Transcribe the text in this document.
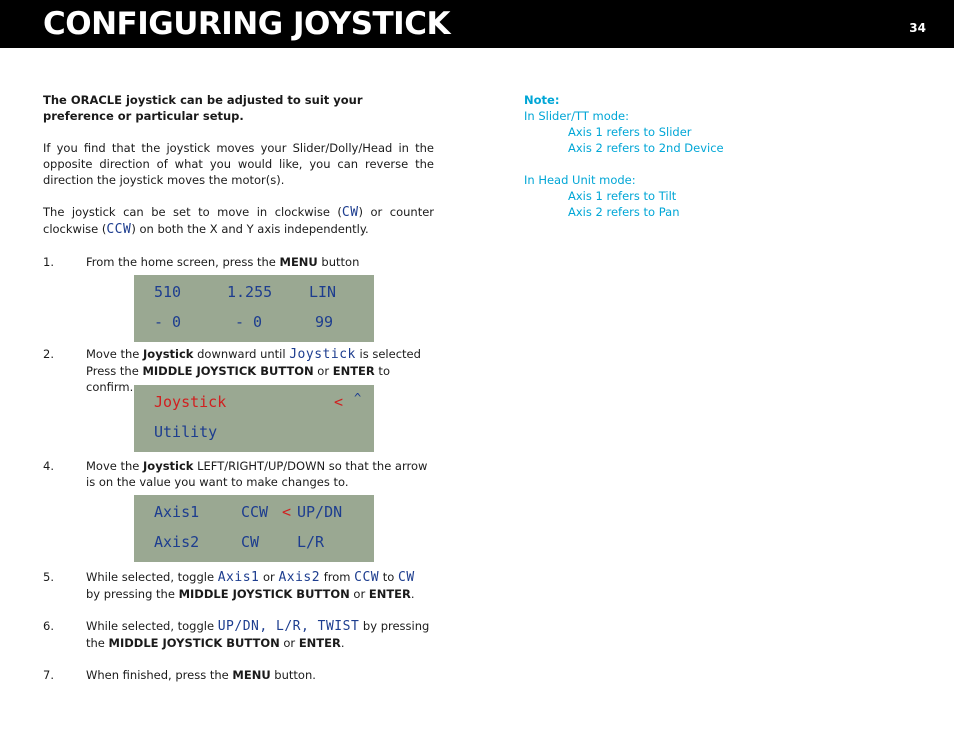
CONFIGURING JOYSTICK	34

The ORACLE joystick can be adjusted to suit your preference or particular setup.

If you find that the joystick moves your Slider/Dolly/Head in the opposite direction of what you would like, you can reverse the direction the joystick moves the motor(s).

The joystick can be set to move in clockwise (CW) or counter clockwise (CCW) on both the X and Y axis independently.

1.	From the home screen, press the MENU button

510	1.255 LIN
- 0	- 0	99

2.	Move the Joystick downward until Joystick is selected
Press the MIDDLE JOYSTICK BUTTON or ENTER to confirm.

Joystick	< ^
Utility

4.	Move the Joystick LEFT/RIGHT/UP/DOWN so that the arrow is on the value you want to make changes to.

Axis1	CCW < UP/DN
Axis2	CW	L/R

5.	While selected, toggle Axis1 or Axis2 from CCW to CW
by pressing the MIDDLE JOYSTICK BUTTON or ENTER.

6.	While selected, toggle UP/DN, L/R, TWIST by pressing the MIDDLE JOYSTICK BUTTON or ENTER.

7.	When finished, press the MENU button.

Note:

In Slider/TT mode:

Axis 1 refers to Slider

Axis 2 refers to 2nd Device

In Head Unit mode:

Axis 1 refers to Tilt

Axis 2 refers to Pan
